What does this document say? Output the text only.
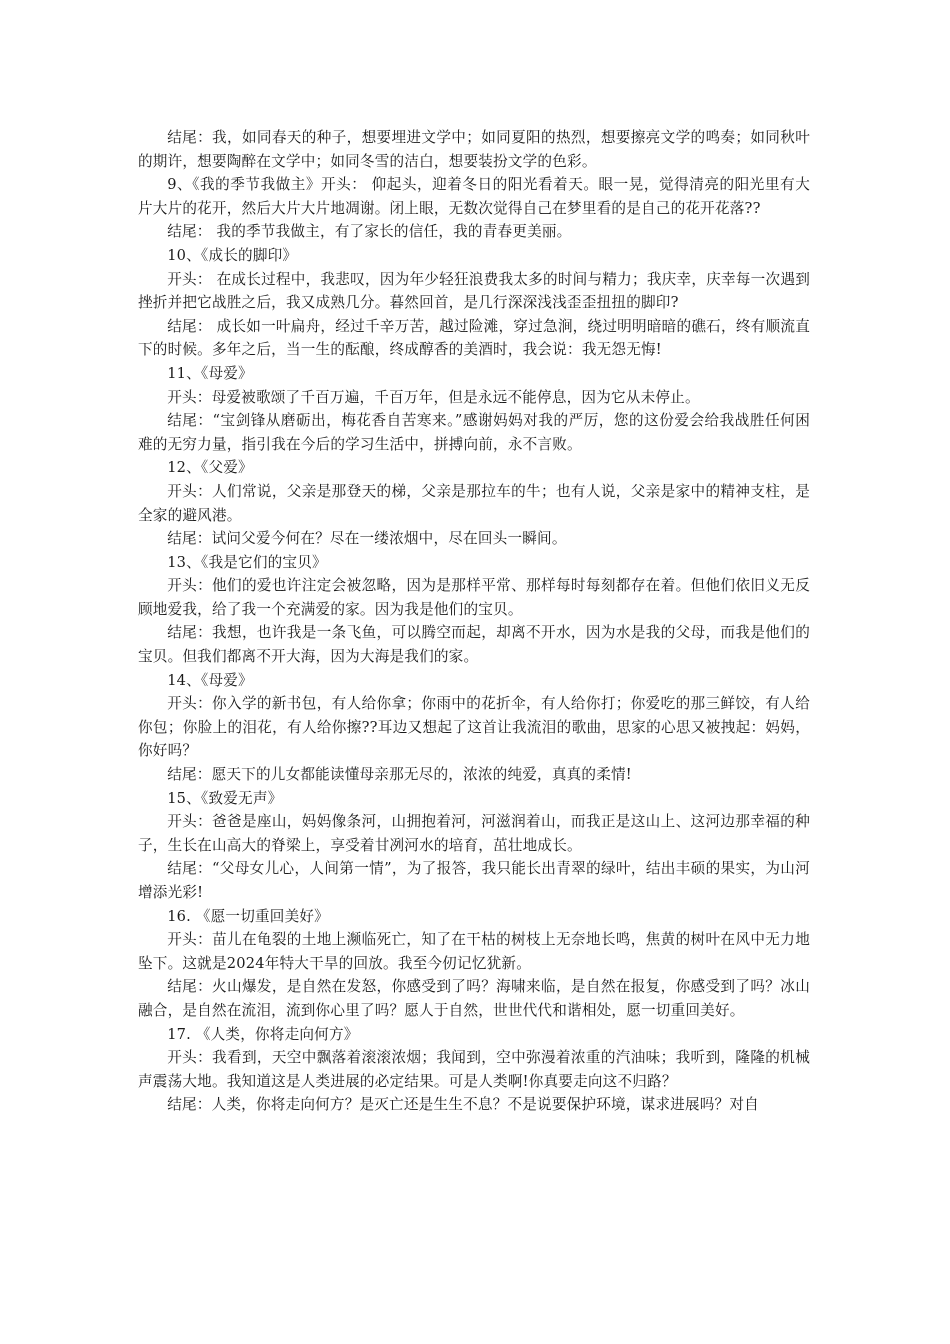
结尾：我，如同春天的种子，想要埋进文学中；如同夏阳的热烈，想要擦亮文学的鸣奏；如同秋叶的期许，想要陶醉在文学中；如同冬雪的洁白，想要装扮文学的色彩。

9、《我的季节我做主》开头： 仰起头，迎着冬日的阳光看着天。眼一晃，觉得清亮的阳光里有大片大片的花开，然后大片大片地凋谢。闭上眼，无数次觉得自己在梦里看的是自己的花开花落??

结尾： 我的季节我做主，有了家长的信任，我的青春更美丽。

10、《成长的脚印》

开头： 在成长过程中，我悲叹，因为年少轻狂浪费我太多的时间与精力；我庆幸，庆幸每一次遇到挫折并把它战胜之后，我又成熟几分。暮然回首，是几行深深浅浅歪歪扭扭的脚印?

结尾： 成长如一叶扁舟，经过千辛万苦，越过险滩，穿过急涧，绕过明明暗暗的礁石，终有顺流直下的时候。多年之后，当一生的酝酿，终成醇香的美酒时，我会说：我无怨无悔!

11、《母爱》

开头：母爱被歌颂了千百万遍，千百万年，但是永远不能停息，因为它从未停止。

结尾：“宝剑锋从磨砺出，梅花香自苦寒来。”感谢妈妈对我的严厉，您的这份爱会给我战胜任何困难的无穷力量，指引我在今后的学习生活中，拼搏向前，永不言败。

12、《父爱》

开头：人们常说，父亲是那登天的梯，父亲是那拉车的牛；也有人说，父亲是家中的精神支柱，是全家的避风港。

结尾：试问父爱今何在？尽在一缕浓烟中，尽在回头一瞬间。

13、《我是它们的宝贝》

开头：他们的爱也许注定会被忽略，因为是那样平常、那样每时每刻都存在着。但他们依旧义无反顾地爱我，给了我一个充满爱的家。因为我是他们的宝贝。

结尾：我想，也许我是一条飞鱼，可以腾空而起，却离不开水，因为水是我的父母，而我是他们的宝贝。但我们都离不开大海，因为大海是我们的家。

14、《母爱》

开头：你入学的新书包，有人给你拿；你雨中的花折伞，有人给你打；你爱吃的那三鲜饺，有人给你包；你脸上的泪花，有人给你擦??耳边又想起了这首让我流泪的歌曲，思家的心思又被拽起：妈妈，你好吗？

结尾：愿天下的儿女都能读懂母亲那无尽的，浓浓的纯爱，真真的柔情!

15、《致爱无声》

开头：爸爸是座山，妈妈像条河，山拥抱着河，河滋润着山，而我正是这山上、这河边那幸福的种子，生长在山高大的脊梁上，享受着甘冽河水的培育，茁壮地成长。

结尾：“父母女儿心，人间第一情”，为了报答，我只能长出青翠的绿叶，结出丰硕的果实，为山河增添光彩!

16. 《愿一切重回美好》

开头：苗儿在龟裂的土地上濒临死亡，知了在干枯的树枝上无奈地长鸣，焦黄的树叶在风中无力地坠下。这就是2024年特大干旱的回放。我至今仞记忆犹新。

结尾：火山爆发，是自然在发怒，你感受到了吗？海啸来临，是自然在报复，你感受到了吗？冰山融合，是自然在流泪，流到你心里了吗？愿人于自然，世世代代和谐相处，愿一切重回美好。

17. 《人类，你将走向何方》

开头：我看到，天空中飘落着滚滚浓烟；我闻到，空中弥漫着浓重的汽油味；我听到，隆隆的机械声震荡大地。我知道这是人类进展的必定结果。可是人类啊!你真要走向这不归路？

结尾：人类，你将走向何方？是灭亡还是生生不息？不是说要保护环境，谋求进展吗？对自
